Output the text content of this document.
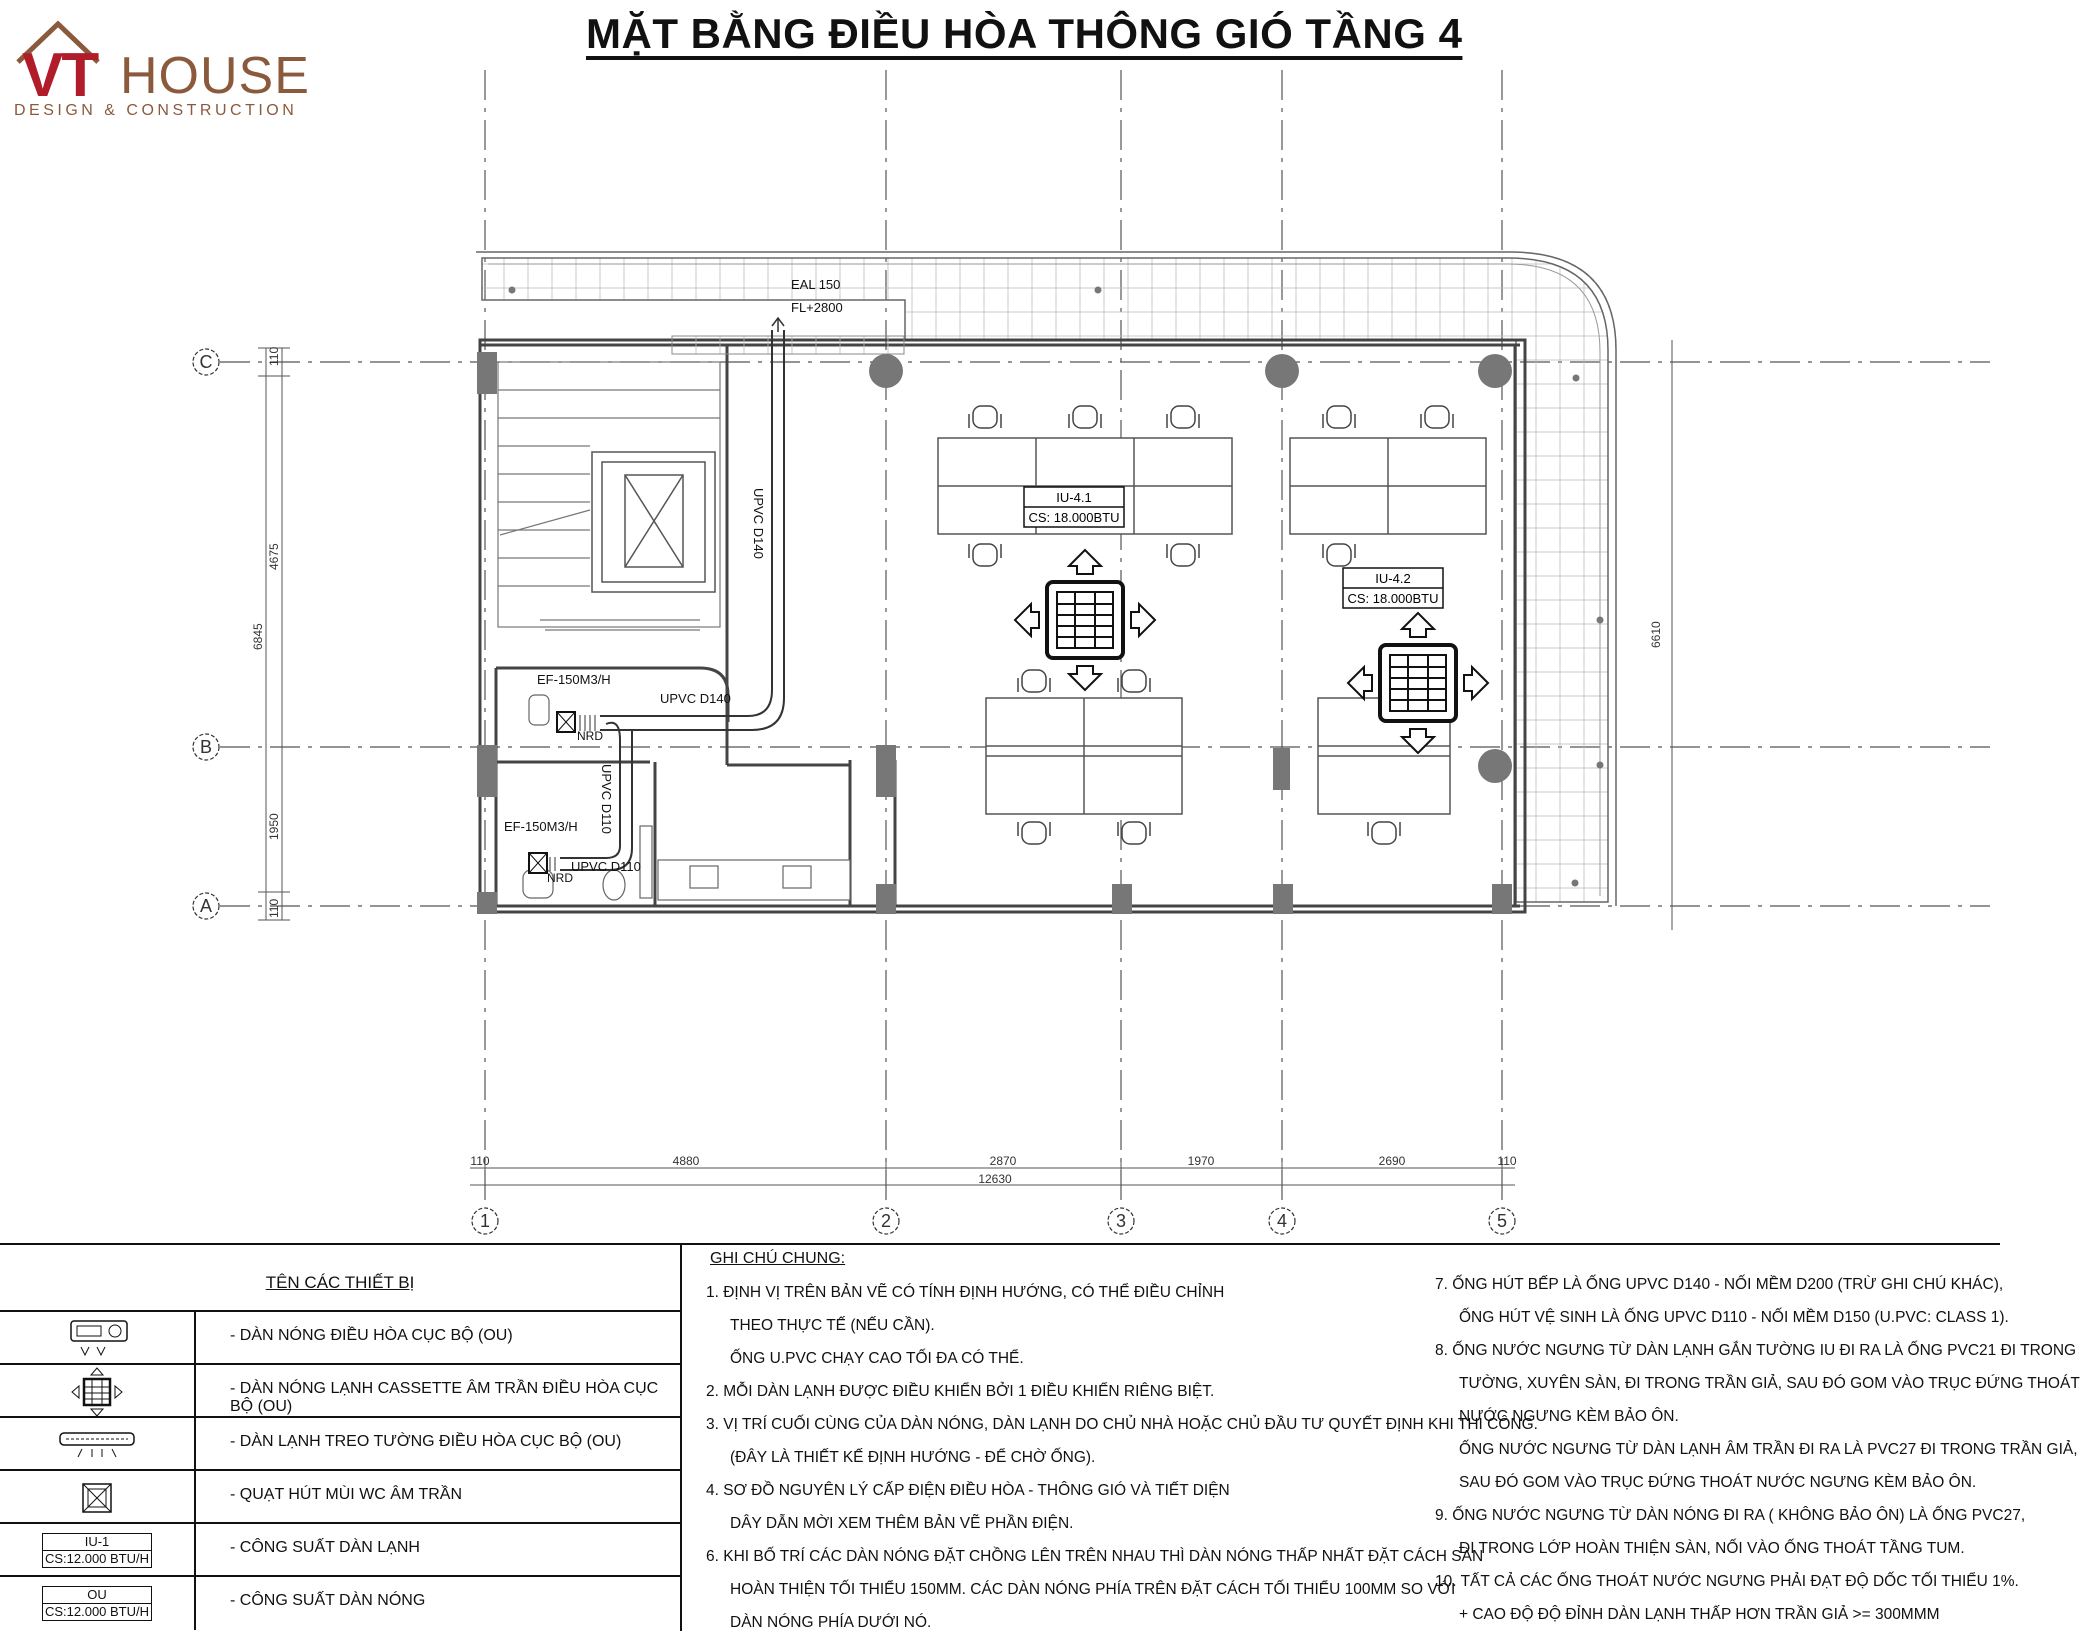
VT HOUSE
DESIGN & CONSTRUCTION
MẶT BẰNG ĐIỀU HÒA THÔNG GIÓ TẦNG 4
C
B
A
1	2	3	4	5
110	4880	2870	1970	2690	110
12630
110
4675
1950
110
6845	6610
EAL 150
FL+2800
UPVC D140
UPVC D140
UPVC D110
UPVC D110
EF-150M3/H
EF-150M3/H
NRD
NRD
IU-4.1
CS: 18.000BTU
IU-4.2
CS: 18.000BTU
TÊN CÁC THIẾT BỊ
- DÀN NÓNG ĐIỀU HÒA CỤC BỘ (OU)
- DÀN NÓNG LẠNH CASSETTE ÂM TRẦN ĐIỀU HÒA CỤC BỘ (OU)
- DÀN LẠNH TREO TƯỜNG ĐIỀU HÒA CỤC BỘ (OU)
- QUẠT HÚT MÙI WC ÂM TRẦN
IU-1
CS:12.000 BTU/H
- CÔNG SUẤT DÀN LẠNH
OU
CS:12.000 BTU/H
- CÔNG SUẤT DÀN NÓNG
GHI CHÚ CHUNG:
1. ĐỊNH VỊ TRÊN BẢN VẼ CÓ TÍNH ĐỊNH HƯỚNG, CÓ THỂ ĐIỀU CHỈNH
THEO THỰC TẾ (NẾU CẦN).
ỐNG U.PVC CHẠY CAO TỐI ĐA CÓ THỂ.
2. MỖI DÀN LẠNH ĐƯỢC ĐIỀU KHIỂN BỞI 1 ĐIỀU KHIỂN RIÊNG BIỆT.
3. VỊ TRÍ CUỐI CÙNG CỦA DÀN NÓNG, DÀN LẠNH DO CHỦ NHÀ HOẶC CHỦ ĐẦU TƯ QUYẾT ĐỊNH KHI THI CÔNG.
(ĐÂY LÀ THIẾT KẾ ĐỊNH HƯỚNG - ĐỂ CHỜ ỐNG).
4. SƠ ĐỒ NGUYÊN LÝ CẤP ĐIỆN ĐIỀU HÒA - THÔNG GIÓ VÀ TIẾT DIỆN
DÂY DẪN MỜI XEM THÊM BẢN VẼ PHẦN ĐIỆN.
6. KHI BỐ TRÍ CÁC DÀN NÓNG ĐẶT CHỒNG LÊN TRÊN NHAU THÌ DÀN NÓNG THẤP NHẤT ĐẶT CÁCH SÀN
HOÀN THIỆN TỐI THIỂU 150MM. CÁC DÀN NÓNG PHÍA TRÊN ĐẶT CÁCH TỐI THIỂU 100MM SO VỚI
DÀN NÓNG PHÍA DƯỚI NÓ.
7. ỐNG HÚT BẾP LÀ ỐNG UPVC D140 - NỐI MỀM D200 (TRỪ GHI CHÚ KHÁC),
ỐNG HÚT VỆ SINH LÀ ỐNG UPVC D110 - NỐI MỀM D150 (U.PVC: CLASS 1).
8. ỐNG NƯỚC NGƯNG TỪ DÀN LẠNH GẮN TƯỜNG IU ĐI RA LÀ ỐNG PVC21 ĐI TRONG
TƯỜNG, XUYÊN SÀN, ĐI TRONG TRẦN GIẢ, SAU ĐÓ GOM VÀO TRỤC ĐỨNG THOÁT
NƯỚC NGƯNG KÈM BẢO ÔN.
ỐNG NƯỚC NGƯNG TỪ DÀN LẠNH ÂM TRẦN ĐI RA LÀ PVC27 ĐI TRONG TRẦN GIẢ,
SAU ĐÓ GOM VÀO TRỤC ĐỨNG THOÁT NƯỚC NGƯNG KÈM BẢO ÔN.
9. ỐNG NƯỚC NGƯNG TỪ DÀN NÓNG ĐI RA ( KHÔNG BẢO ÔN) LÀ ỐNG PVC27,
ĐI TRONG LỚP HOÀN THIỆN SÀN, NỐI VÀO ỐNG THOÁT TẦNG TUM.
10. TẤT CẢ CÁC ỐNG THOÁT NƯỚC NGƯNG PHẢI ĐẠT ĐỘ DỐC TỐI THIỂU 1%.
+ CAO ĐỘ ĐỘ ĐỈNH DÀN LẠNH THẤP HƠN TRẦN GIẢ >= 300MMM
